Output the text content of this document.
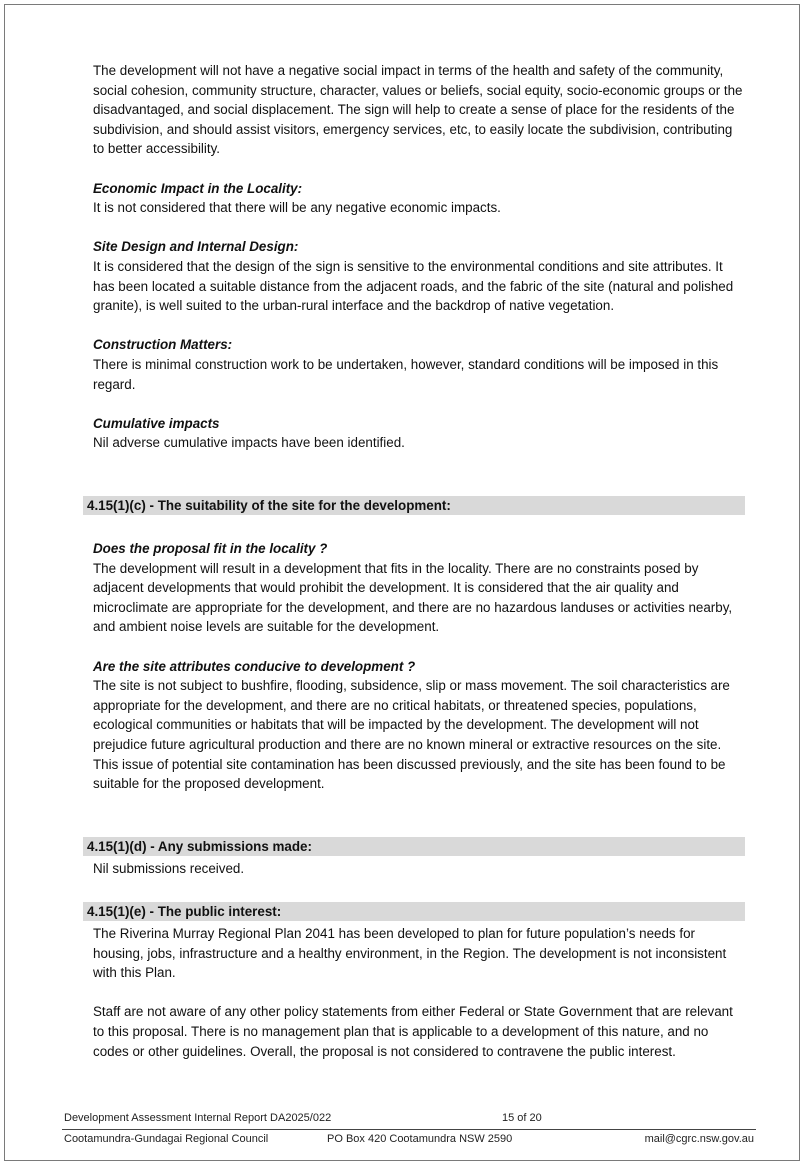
The development will not have a negative social impact in terms of the health and safety of the community, social cohesion, community structure, character, values or beliefs, social equity, socio-economic groups or the disadvantaged, and social displacement. The sign will help to create a sense of place for the residents of the subdivision, and should assist visitors, emergency services, etc, to easily locate the subdivision, contributing to better accessibility.

Economic Impact in the Locality:

It is not considered that there will be any negative economic impacts.

Site Design and Internal Design:

It is considered that the design of the sign is sensitive to the environmental conditions and site attributes. It has been located a suitable distance from the adjacent roads, and the fabric of the site (natural and polished granite), is well suited to the urban-rural interface and the backdrop of native vegetation.

Construction Matters:

There is minimal construction work to be undertaken, however, standard conditions will be imposed in this regard.

Cumulative impacts

Nil adverse cumulative impacts have been identified.

4.15(1)(c) - The suitability of the site for the development:

Does the proposal fit in the locality ?

The development will result in a development that fits in the locality. There are no constraints posed by adjacent developments that would prohibit the development. It is considered that the air quality and microclimate are appropriate for the development, and there are no hazardous landuses or activities nearby, and ambient noise levels are suitable for the development.

Are the site attributes conducive to development ?

The site is not subject to bushfire, flooding, subsidence, slip or mass movement. The soil characteristics are appropriate for the development, and there are no critical habitats, or threatened species, populations, ecological communities or habitats that will be impacted by the development. The development will not prejudice future agricultural production and there are no known mineral or extractive resources on the site. This issue of potential site contamination has been discussed previously, and the site has been found to be suitable for the proposed development.

4.15(1)(d) - Any submissions made:
Nil submissions received.
4.15(1)(e) - The public interest:

The Riverina Murray Regional Plan 2041 has been developed to plan for future population’s needs for housing, jobs, infrastructure and a healthy environment, in the Region. The development is not inconsistent with this Plan.

Staff are not aware of any other policy statements from either Federal or State Government that are relevant to this proposal. There is no management plan that is applicable to a development of this nature, and no codes or other guidelines. Overall, the proposal is not considered to contravene the public interest.

Development Assessment Internal Report DA2025/022	15 of 20
Cootamundra-Gundagai Regional Council	PO Box 420 Cootamundra NSW 2590	mail@cgrc.nsw.gov.au
